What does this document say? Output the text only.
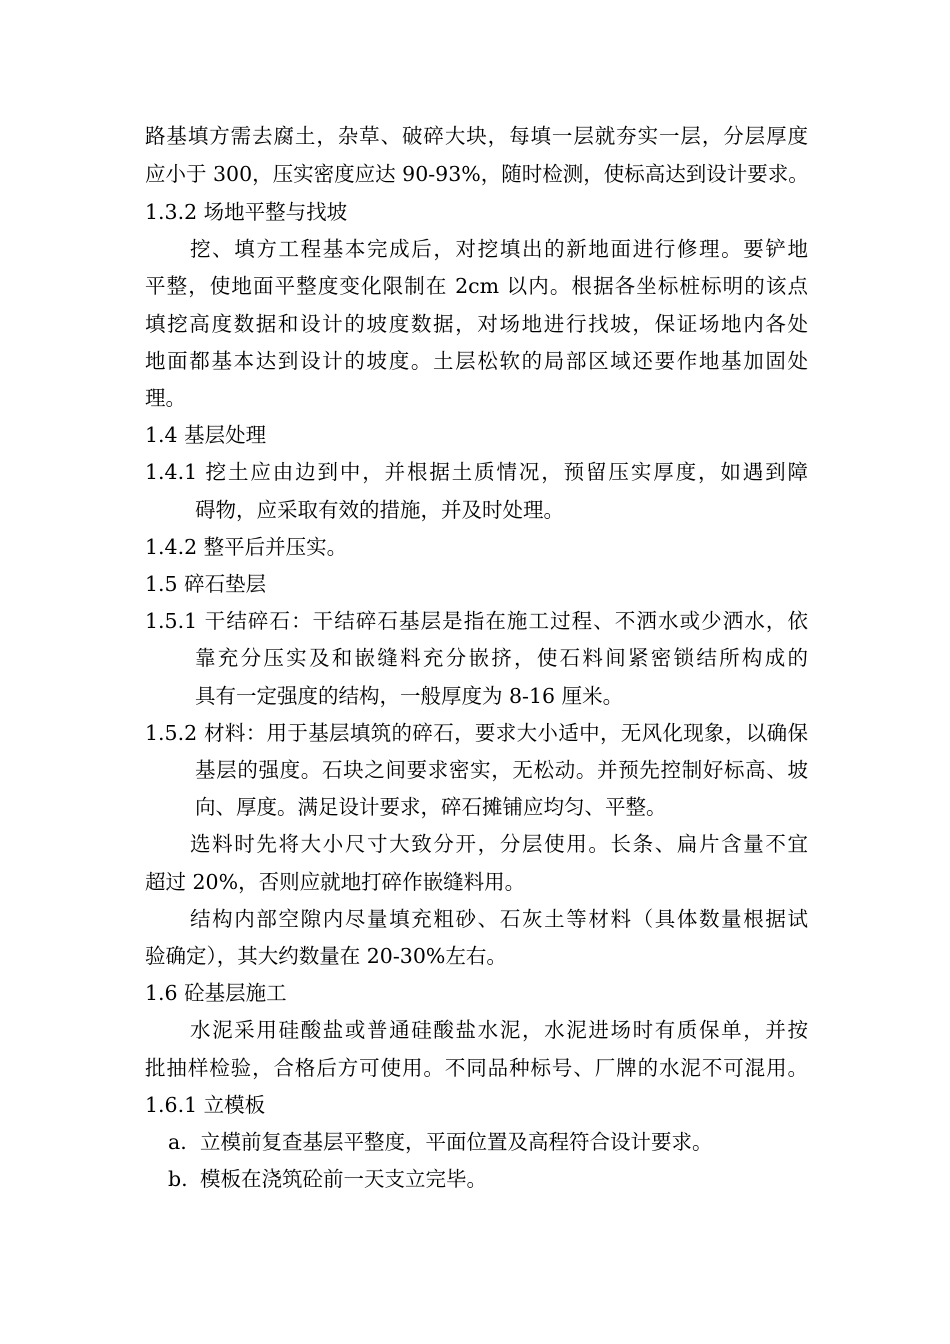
路基填方需去腐土，杂草、破碎大块，每填一层就夯实一层，分层厚度
应小于 300，压实密度应达 90-93%，随时检测，使标高达到设计要求。
1.3.2 场地平整与找坡
挖、填方工程基本完成后，对挖填出的新地面进行修理。要铲地
平整，使地面平整度变化限制在 2cm 以内。根据各坐标桩标明的该点
填挖高度数据和设计的坡度数据，对场地进行找坡，保证场地内各处
地面都基本达到设计的坡度。土层松软的局部区域还要作地基加固处
理。
1.4 基层处理
1.4.1 挖土应由边到中，并根据土质情况，预留压实厚度，如遇到障
碍物，应采取有效的措施，并及时处理。
1.4.2 整平后并压实。
1.5 碎石垫层
1.5.1 干结碎石：干结碎石基层是指在施工过程、不洒水或少洒水，依
靠充分压实及和嵌缝料充分嵌挤，使石料间紧密锁结所构成的
具有一定强度的结构，一般厚度为 8-16 厘米。
1.5.2 材料：用于基层填筑的碎石，要求大小适中，无风化现象，以确保
基层的强度。石块之间要求密实，无松动。并预先控制好标高、坡
向、厚度。满足设计要求，碎石摊铺应均匀、平整。
选料时先将大小尺寸大致分开，分层使用。长条、扁片含量不宜
超过 20%，否则应就地打碎作嵌缝料用。
结构内部空隙内尽量填充粗砂、石灰土等材料（具体数量根据试
验确定），其大约数量在 20-30%左右。
1.6 砼基层施工
水泥采用硅酸盐或普通硅酸盐水泥，水泥进场时有质保单，并按
批抽样检验，合格后方可使用。不同品种标号、厂牌的水泥不可混用。
1.6.1 立模板
a. 立模前复查基层平整度，平面位置及高程符合设计要求。
b. 模板在浇筑砼前一天支立完毕。
